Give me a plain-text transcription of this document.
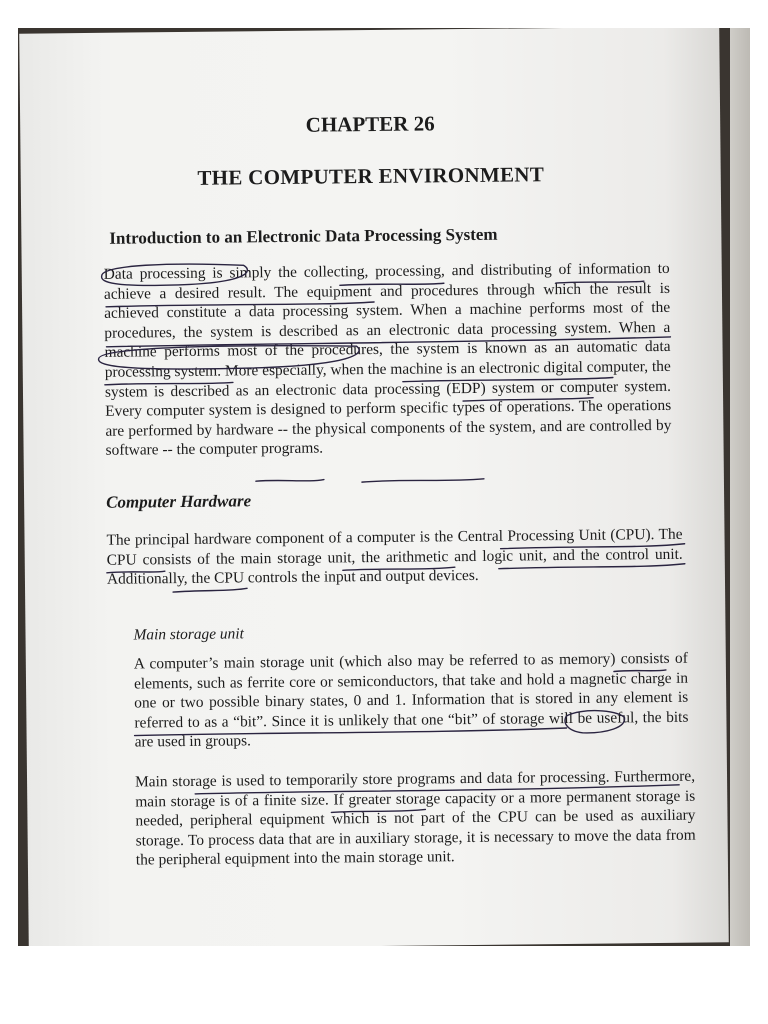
CHAPTER 26
THE COMPUTER ENVIRONMENT
Introduction to an Electronic Data Processing System

Data processing is simply the collecting, processing, and distributing of information to achieve a desired result. The equipment and procedures through which the result is achieved constitute a data processing system. When a machine performs most of the procedures, the system is described as an electronic data processing system. When a machine performs most of the procedures, the system is known as an automatic data processing system. More especially, when the machine is an electronic digital computer, the system is described as an electronic data processing (EDP) system or computer system. Every computer system is designed to perform specific types of operations. The operations are performed by hardware -- the physical components of the system, and are controlled by software -- the computer programs.

Computer Hardware

The principal hardware component of a computer is the Central Processing Unit (CPU). The CPU consists of the main storage unit, the arithmetic and logic unit, and the control unit. Additionally, the CPU controls the input and output devices.

Main storage unit

A computer’s main storage unit (which also may be referred to as memory) consists of elements, such as ferrite core or semiconductors, that take and hold a magnetic charge in one or two possible binary states, 0 and 1. Information that is stored in any element is referred to as a “bit”. Since it is unlikely that one “bit” of storage will be useful, the bits are used in groups.

Main storage is used to temporarily store programs and data for processing. Furthermore, main storage is of a finite size. If greater storage capacity or a more permanent storage is needed, peripheral equipment which is not part of the CPU can be used as auxiliary storage. To process data that are in auxiliary storage, it is necessary to move the data from the peripheral equipment into the main storage unit.
